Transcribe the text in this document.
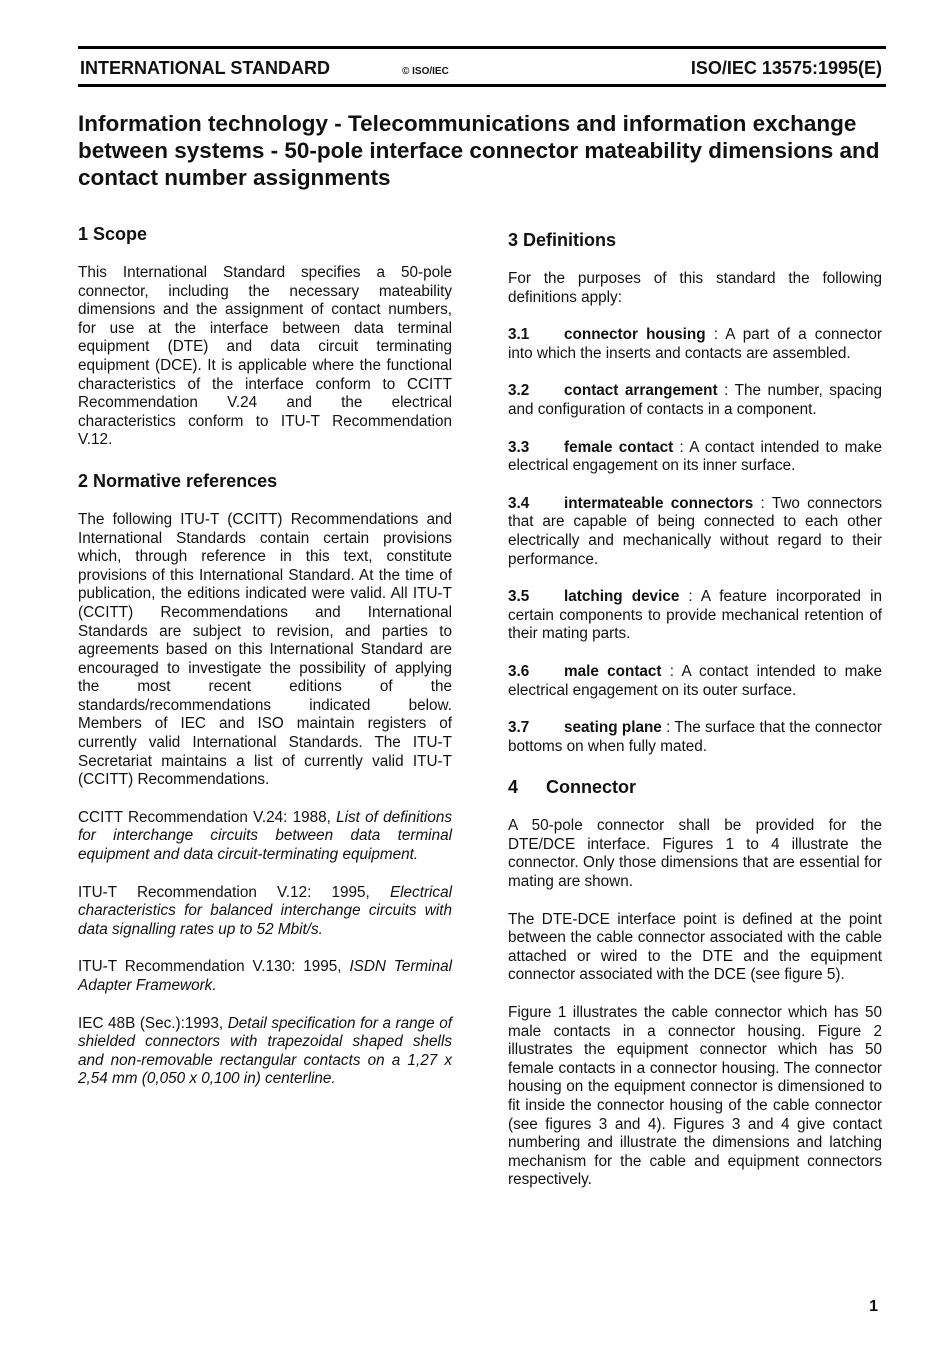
INTERNATIONAL STANDARD	© ISO/IEC	ISO/IEC 13575:1995(E)
Information technology - Telecommunications and information exchange between systems - 50-pole interface connector mateability dimensions and contact number assignments
1 Scope

This International Standard specifies a 50-pole connector, including the necessary mateability dimensions and the assignment of contact numbers, for use at the interface between data terminal equipment (DTE) and data circuit terminating equipment (DCE). It is applicable where the functional characteristics of the interface conform to CCITT Recommendation V.24 and the electrical characteristics conform to ITU-T Recommendation V.12.

2 Normative references

The following ITU-T (CCITT) Recommendations and International Standards contain certain provisions which, through reference in this text, constitute provisions of this International Standard. At the time of publication, the editions indicated were valid. All ITU-T (CCITT) Recommendations and International Standards are subject to revision, and parties to agreements based on this International Standard are encouraged to investigate the possibility of applying the most recent editions of the standards/recommendations indicated below. Members of IEC and ISO maintain registers of currently valid International Standards. The ITU-T Secretariat maintains a list of currently valid ITU-T (CCITT) Recommendations.

CCITT Recommendation V.24: 1988, List of definitions for interchange circuits between data terminal equipment and data circuit-terminating equipment.

ITU-T Recommendation V.12: 1995, Electrical characteristics for balanced interchange circuits with data signalling rates up to 52 Mbit/s.

ITU-T Recommendation V.130: 1995, ISDN Terminal Adapter Framework.

IEC 48B (Sec.):1993, Detail specification for a range of shielded connectors with trapezoidal shaped shells and non-removable rectangular contacts on a 1,27 x 2,54 mm (0,050 x 0,100 in) centerline.

3 Definitions

For the purposes of this standard the following definitions apply:

3.1 connector housing : A part of a connector into which the inserts and contacts are assembled.

3.2 contact arrangement : The number, spacing and configuration of contacts in a component.

3.3 female contact : A contact intended to make electrical engagement on its inner surface.

3.4 intermateable connectors : Two connectors that are capable of being connected to each other electrically and mechanically without regard to their performance.

3.5 latching device : A feature incorporated in certain components to provide mechanical retention of their mating parts.

3.6 male contact : A contact intended to make electrical engagement on its outer surface.

3.7 seating plane : The surface that the connector bottoms on when fully mated.

4 Connector

A 50-pole connector shall be provided for the DTE/DCE interface. Figures 1 to 4 illustrate the connector. Only those dimensions that are essential for mating are shown.

The DTE-DCE interface point is defined at the point between the cable connector associated with the cable attached or wired to the DTE and the equipment connector associated with the DCE (see figure 5).

Figure 1 illustrates the cable connector which has 50 male contacts in a connector housing. Figure 2 illustrates the equipment connector which has 50 female contacts in a connector housing. The connector housing on the equipment connector is dimensioned to fit inside the connector housing of the cable connector (see figures 3 and 4). Figures 3 and 4 give contact numbering and illustrate the dimensions and latching mechanism for the cable and equipment connectors respectively.

1
